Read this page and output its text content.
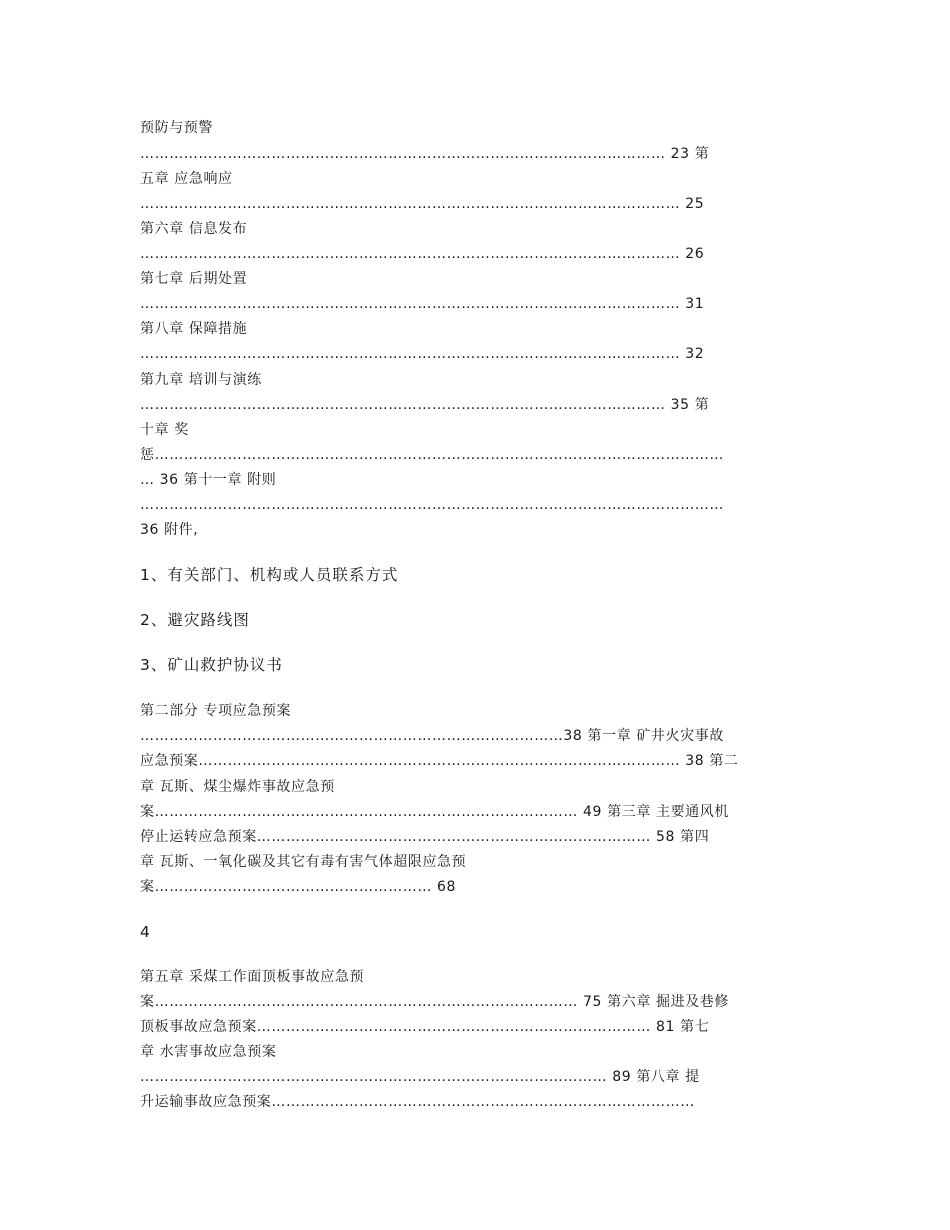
预防与预警
……………………………………………………………………………………………… 23 第
五章 应急响应
………………………………………………………………………………………………… 25
第六章 信息发布
………………………………………………………………………………………………… 26
第七章 后期处置
………………………………………………………………………………………………… 31
第八章 保障措施
………………………………………………………………………………………………… 32
第九章 培训与演练
……………………………………………………………………………………………… 35 第
十章 奖
惩………………………………………………………………………………………………………
… 36 第十一章 附则
…………………………………………………………………………………………………………
36 附件,
1、有关部门、机构或人员联系方式
2、避灾路线图
3、矿山救护协议书
第二部分 专项应急预案
……………………………………………………………………………38 第一章 矿井火灾事故
应急预案……………………………………………………………………………………… 38 第二
章 瓦斯、煤尘爆炸事故应急预
案…………………………………………………………………………… 49 第三章 主要通风机
停止运转应急预案……………………………………………………………………… 58 第四
章 瓦斯、一氧化碳及其它有毒有害气体超限应急预
案………………………………………………… 68
4
第五章 采煤工作面顶板事故应急预
案…………………………………………………………………………… 75 第六章 掘进及巷修
顶板事故应急预案……………………………………………………………………… 81 第七
章 水害事故应急预案
…………………………………………………………………………………… 89 第八章 提
升运输事故应急预案……………………………………………………………………………
